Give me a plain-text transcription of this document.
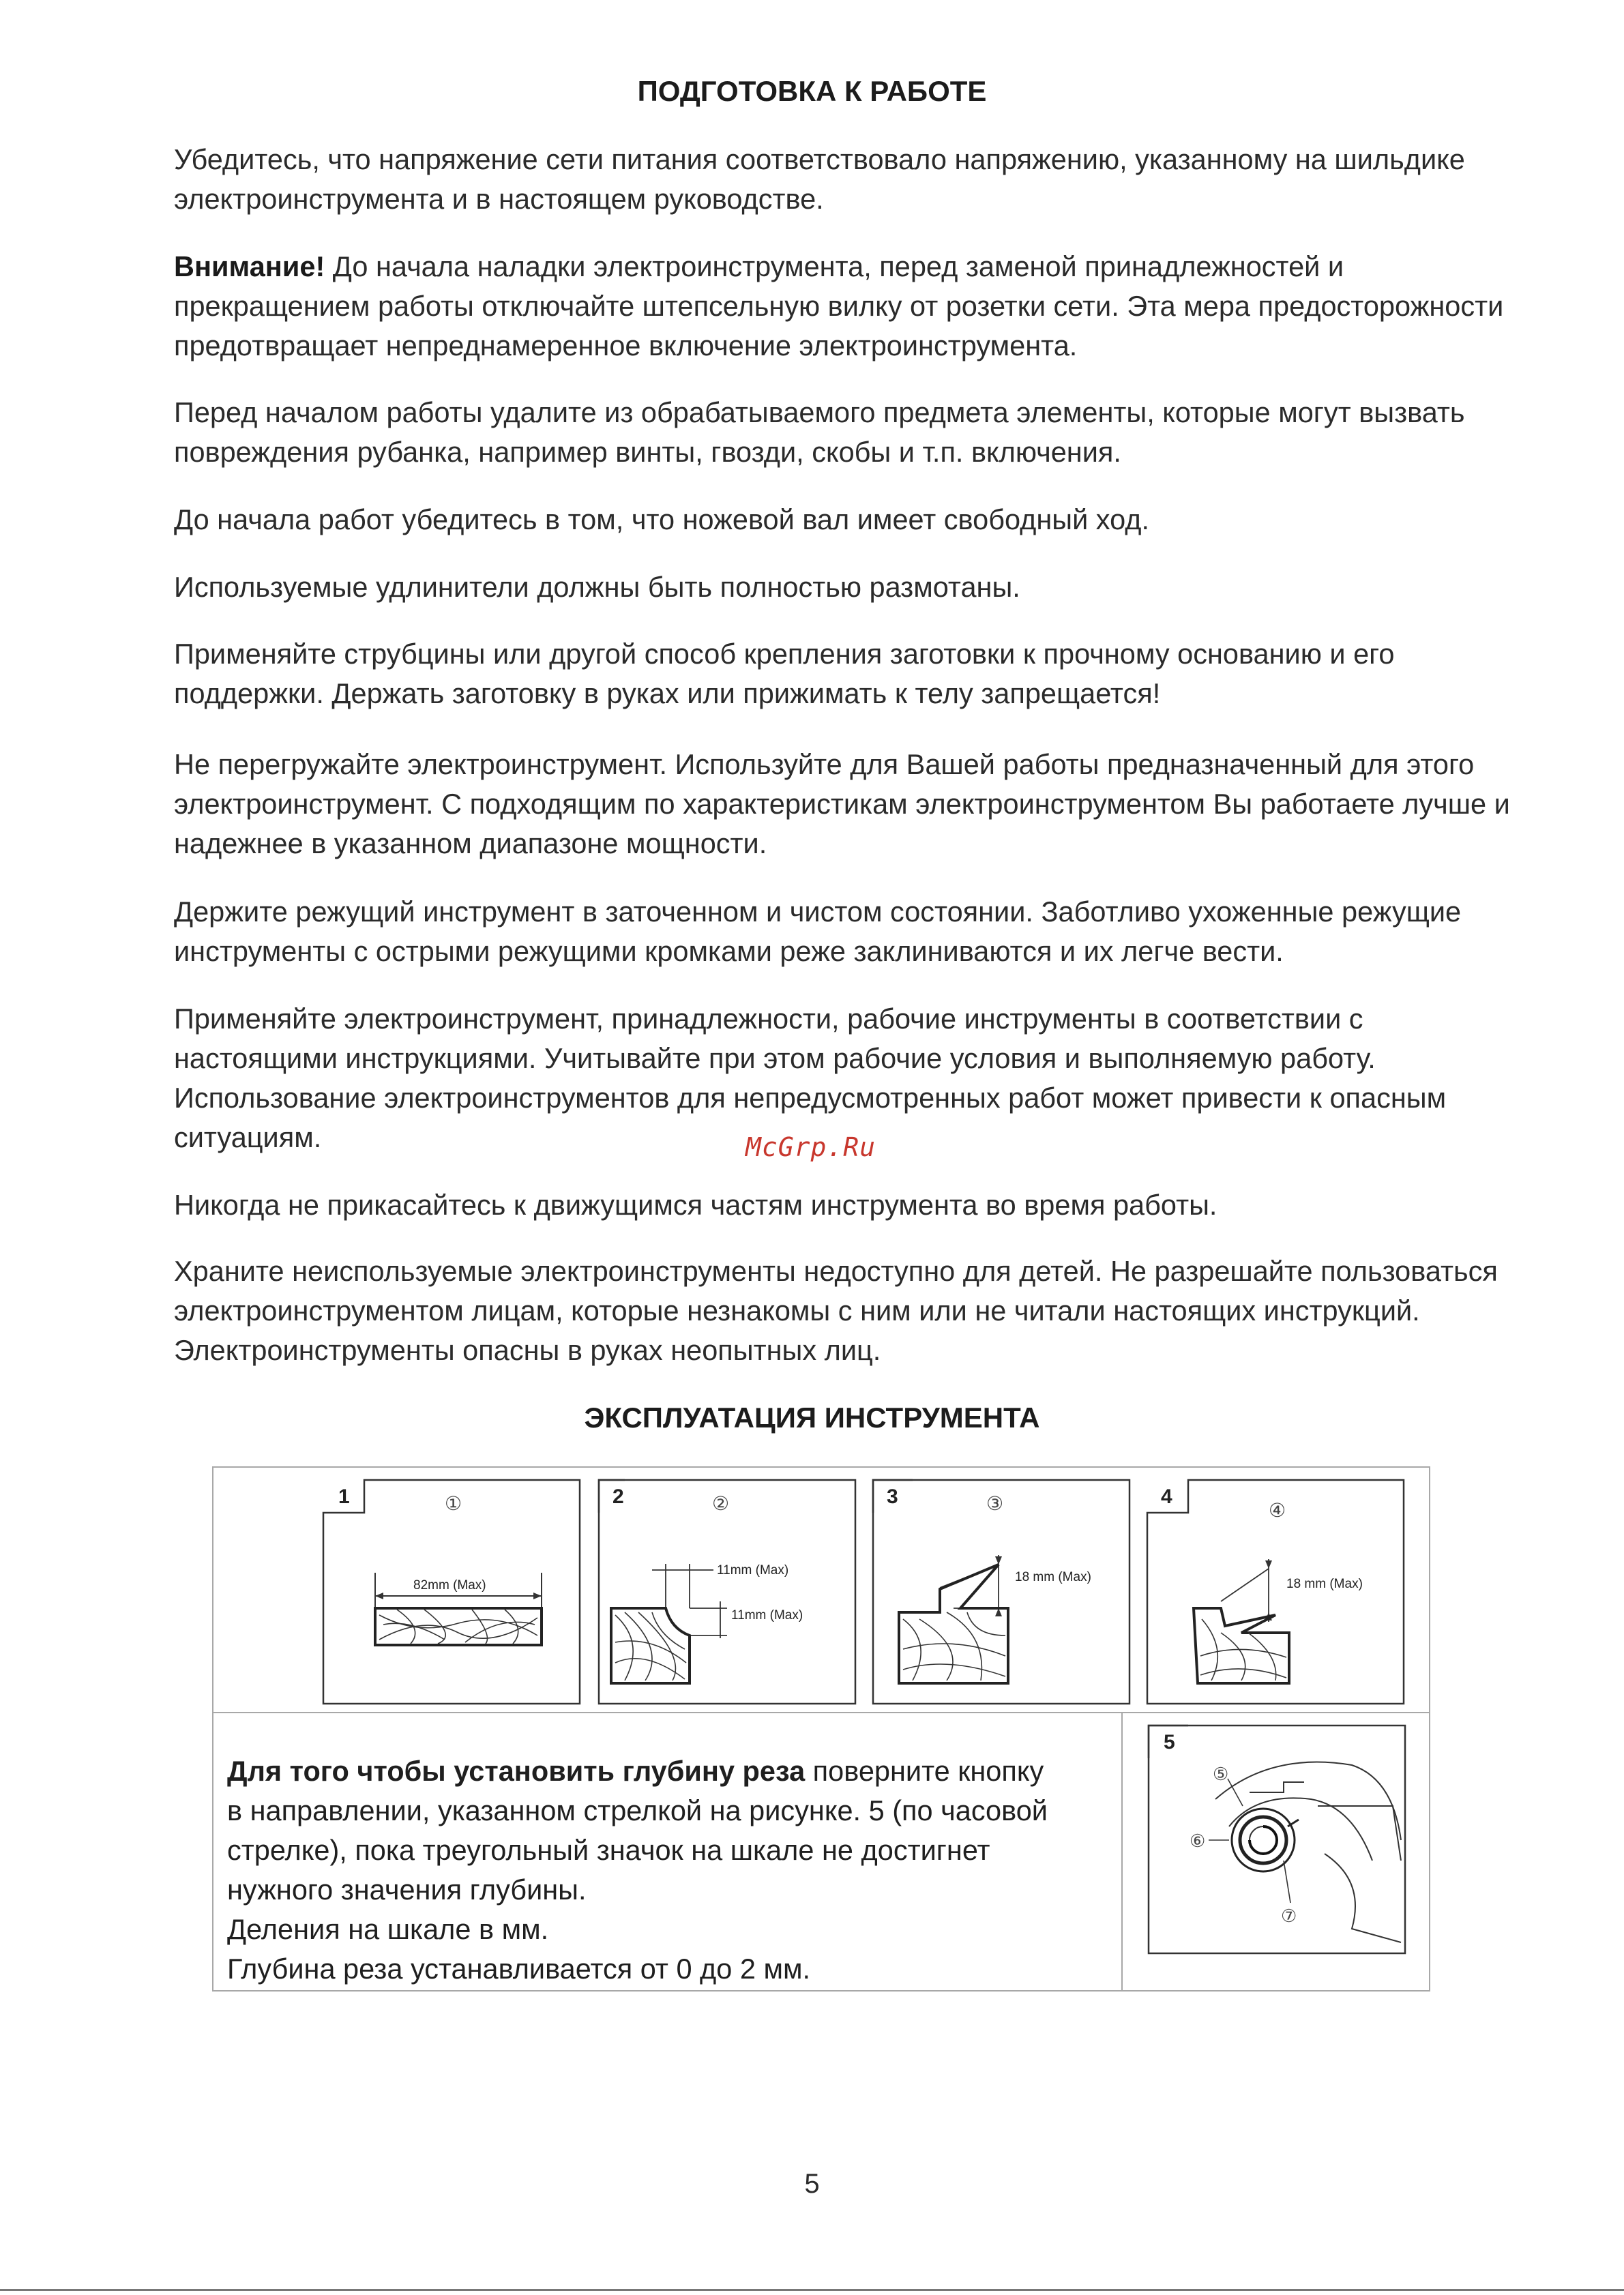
ПОДГОТОВКА К РАБОТЕ

Убедитесь, что напряжение сети питания соответствовало напряжению, указанному на шильдике электроинструмента и в настоящем руководстве.

Внимание! До начала наладки электроинструмента, перед заменой принадлежностей и прекращением работы отключайте штепсельную вилку от розетки сети. Эта мера предосторожности предотвращает непреднамеренное включение электроинструмента.

Перед началом работы удалите из обрабатываемого предмета элементы, которые могут вызвать повреждения рубанка, например винты, гвозди, скобы и т.п. включения.

До начала работ убедитесь в том, что ножевой вал имеет свободный ход.

Используемые удлинители должны быть полностью размотаны.

Применяйте струбцины или другой способ крепления заготовки к прочному основанию и его поддержки. Держать заготовку в руках или прижимать к телу запрещается!

Не перегружайте электроинструмент. Используйте для Вашей работы предназначенный для этого электроинструмент. С подходящим по характеристикам электроинструментом Вы работаете лучше и надежнее в указанном диапазоне мощности.

Держите режущий инструмент в заточенном и чистом состоянии. Заботливо ухоженные режущие инструменты с острыми режущими кромками реже заклиниваются и их легче вести.

Применяйте электроинструмент, принадлежности, рабочие инструменты в соответствии с настоящими инструкциями. Учитывайте при этом рабочие условия и выполняемую работу. Использование электроинструментов для непредусмотренных работ может привести к опасным ситуациям.	McGrp.Ru

Никогда не прикасайтесь к движущимся частям инструмента во время работы.

Храните неиспользуемые электроинструменты недоступно для детей. Не разрешайте пользоваться электроинструментом лицам, которые незнакомы с ним или не читали настоящих инструкций. Электроинструменты опасны в руках неопытных лиц.

ЭКСПЛУАТАЦИЯ ИНСТРУМЕНТА
1	①
82mm (Max)
2	②
11mm (Max)
11mm (Max)
3	③
18 mm (Max)
4
④
18 mm (Max)
Для того чтобы установить глубину реза поверните кнопку
в направлении, указанном стрелкой на рисунке. 5 (по часовой
стрелке), пока треугольный значок на шкале не достигнет
нужного значения глубины.
Деления на шкале в мм.
Глубина реза устанавливается от 0 до 2 мм.
5
⑤
⑥
⑦
5
